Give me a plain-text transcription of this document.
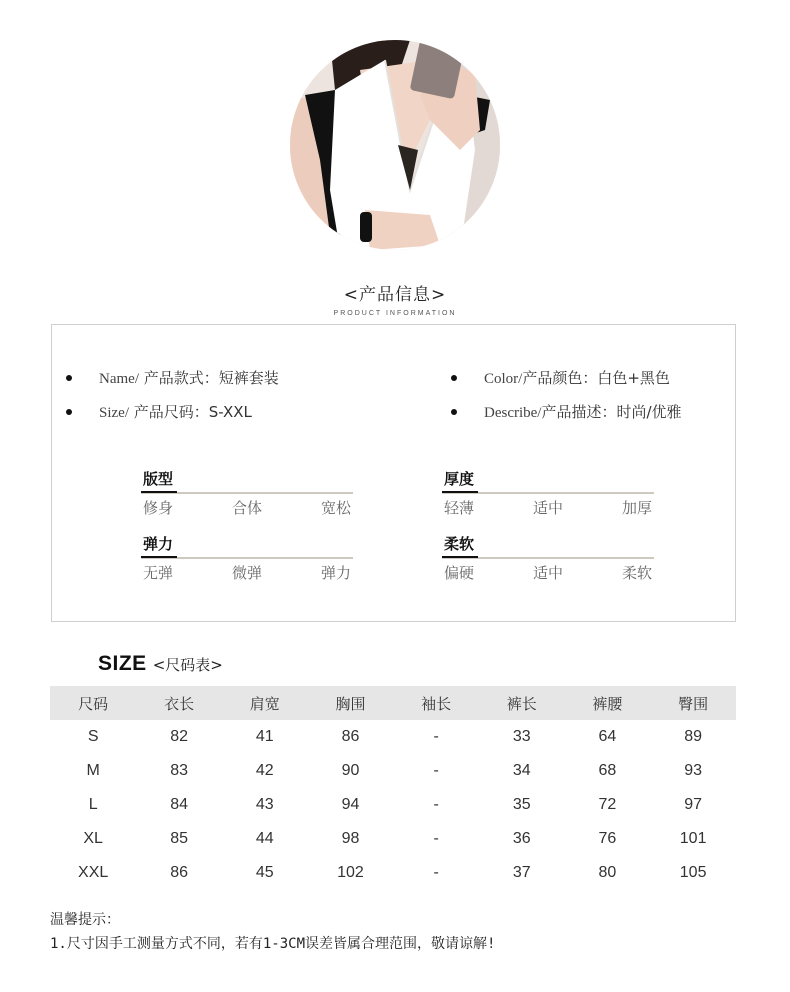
<产品信息>
PRODUCT INFORMATION
Name/ 产品款式：短裤套装	Color/产品颜色：白色+黑色
Size/ 产品尺码：S-XXL	Describe/产品描述：时尚/优雅
版型
修身	合体	宽松
厚度
轻薄	适中	加厚
弹力
无弹	微弹	弹力
柔软
偏硬	适中	柔软
SIZE <尺码表>
尺码	衣长	肩宽	胸围	袖长	裤长	裤腰	臀围
S	82	41	86	-	33	64	89
M	83	42	90	-	34	68	93
L	84	43	94	-	35	72	97
XL	85	44	98	-	36	76	101
XXL	86	45	102	-	37	80	105
温馨提示：
1.尺寸因手工测量方式不同，若有1-3CM误差皆属合理范围，敬请谅解!
